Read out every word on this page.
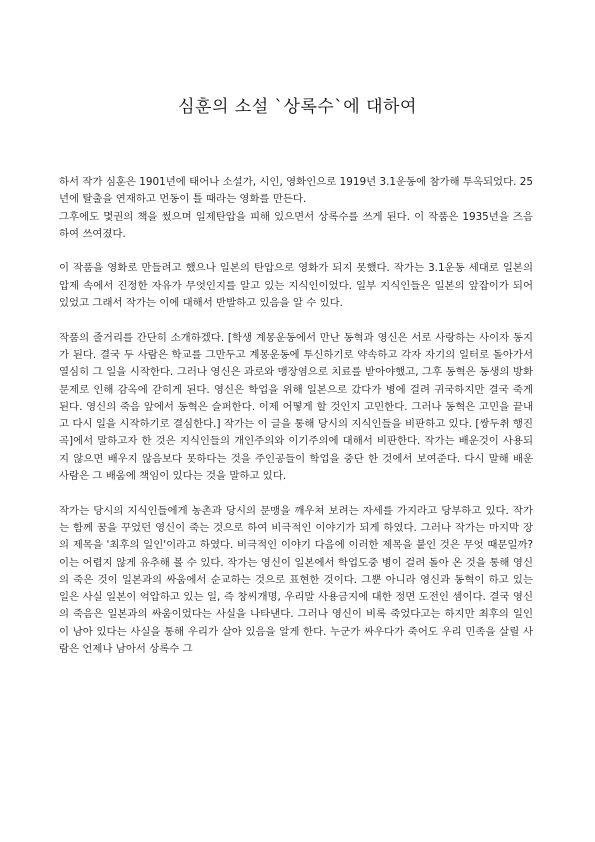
심훈의 소설 `상록수`에 대하여

하서 작가 심훈은 1901년에 태어나 소설가, 시인, 영화인으로 1919년 3.1운동에 참가해 투옥되었다. 25년에 탈출을 연재하고 먼동이 틀 때라는 영화를 만든다.

그후에도 몇권의 책을 썼으며 일제탄압을 피해 있으면서 상록수를 쓰게 된다. 이 작품은 1935년을 즈음하여 쓰여졌다.

이 작품을 영화로 만들려고 했으나 일본의 탄압으로 영화가 되지 못했다. 작가는 3.1운동 세대로 일본의 압제 속에서 진정한 자유가 무엇인지를 알고 있는 지식인이었다. 일부 지식인들은 일본의 앞잡이가 되어 있었고 그래서 작가는 이에 대해서 반발하고 있음을 알 수 있다.

작품의 줄거리를 간단히 소개하겠다. [학생 계몽운동에서 만난 동혁과 영신은 서로 사랑하는 사이자 동지가 된다. 결국 두 사람은 학교를 그만두고 계몽운동에 투신하기로 약속하고 각자 자기의 일터로 돌아가서 열심히 그 일을 시작한다. 그러나 영신은 과로와 맹장염으로 치료를 받아야했고, 그후 동혁은 동생의 방화문제로 인해 감옥에 갇히게 된다. 영신은 학업을 위해 일본으로 갔다가 병에 걸려 귀국하지만 결국 죽게 된다. 영신의 죽음 앞에서 동혁은 슬퍼한다. 이제 어떻게 할 것인지 고민한다. 그러나 동혁은 고민을 끝내고 다시 일을 시작하기로 결심한다.] 작가는 이 글을 통해 당시의 지식인들을 비판하고 있다. [쌍두취 행진곡]에서 말하고자 한 것은 지식인들의 개인주의와 이기주의에 대해서 비판한다. 작가는 배운것이 사용되지 않으면 배우지 않음보다 못하다는 것을 주인공들이 학업을 중단 한 것에서 보여준다. 다시 말해 배운 사람은 그 배움에 책임이 있다는 것을 말하고 있다.

작가는 당시의 지식인들에게 농촌과 당시의 문맹을 깨우쳐 보려는 자세를 가지라고 당부하고 있다. 작가는 함께 꿈을 꾸었던 영신이 죽는 것으로 하여 비극적인 이야기가 되게 하였다. 그러나 작가는 마지막 장의 제목을 '최후의 일인'이라고 하였다. 비극적인 이야기 다음에 이러한 제목을 붙인 것은 무엇 때문일까? 이는 어렵지 않게 유추해 볼 수 있다. 작가는 영신이 일본에서 학업도중 병이 걸려 돌아 온 것을 통해 영신의 죽은 것이 일본과의 싸움에서 순교하는 것으로 표현한 것이다. 그뿐 아니라 영신과 동혁이 하고 있는 일은 사실 일본이 억압하고 있는 일, 즉 창씨개명, 우리말 사용금지에 대한 정면 도전인 셈이다. 결국 영신의 죽음은 일본과의 싸움이었다는 사실을 나타낸다. 그러나 영신이 비록 죽었다고는 하지만 최후의 일인이 남아 있다는 사실을 통해 우리가 살아 있음을 알게 한다. 누군가 싸우다가 죽어도 우리 민족을 살릴 사람은 언제나 남아서 상록수 그
